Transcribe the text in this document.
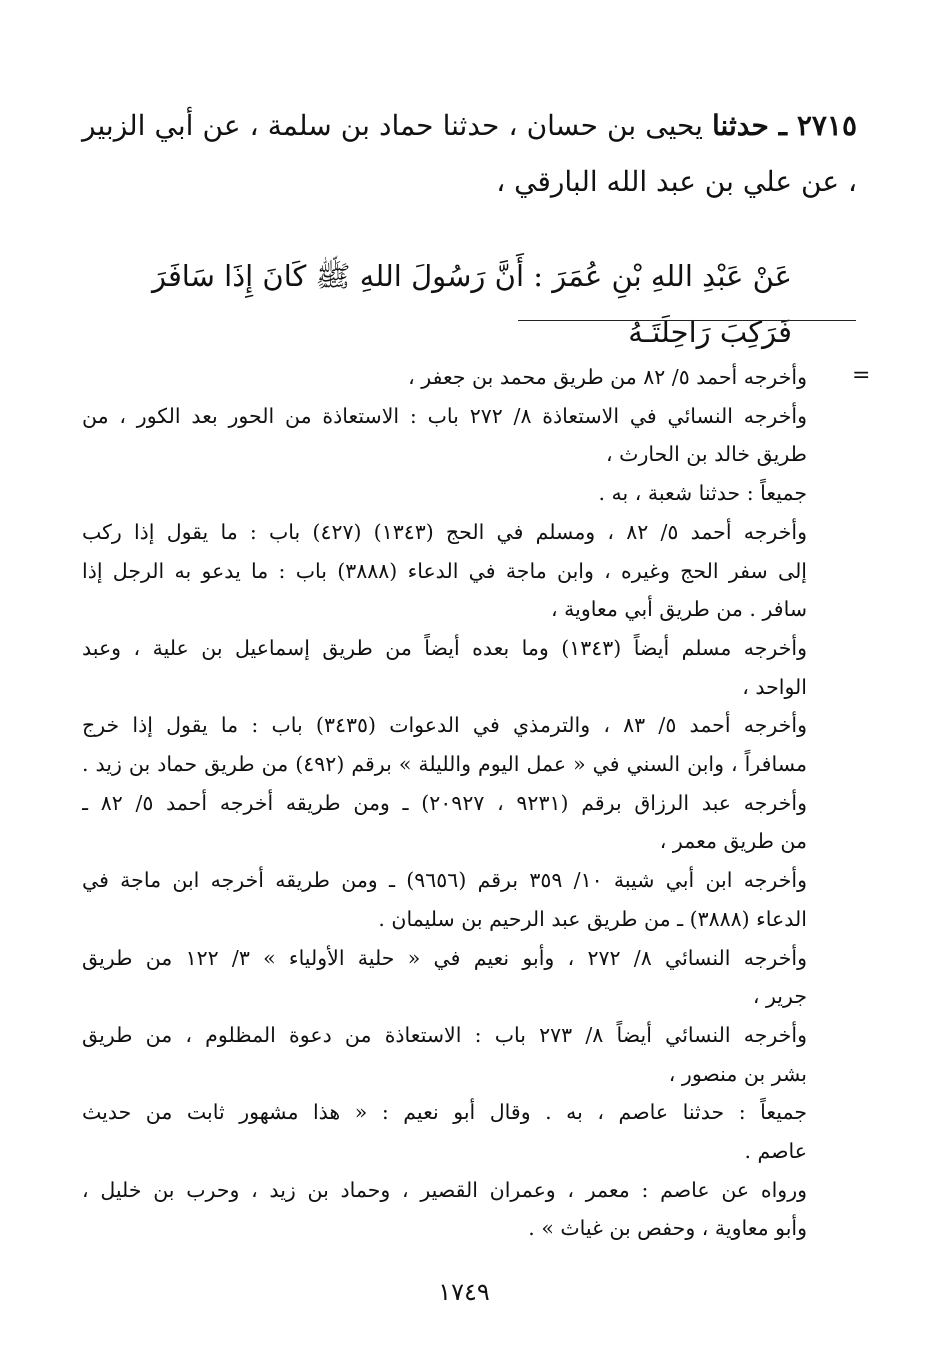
٢٧١٥ ـ حدثنا يحيى بن حسان ، حدثنا حماد بن سلمة ، عن أبي الزبير ، عن علي بن عبد الله البارقي ،
عَنْ عَبْدِ اللهِ بْنِ عُمَرَ : أَنَّ رَسُولَ اللهِ ﷺ كَانَ إِذَا سَافَرَ فَرَكِبَ رَاحِلَتَـهُ
=
وأخرجه أحمد ٥/ ٨٢ من طريق محمد بن جعفر ،
وأخرجه النسائي في الاستعاذة ٨/ ٢٧٢ باب : الاستعاذة من الحور بعد الكور ، من
طريق خالد بن الحارث ،
جميعاً : حدثنا شعبة ، به .
وأخرجه أحمد ٥/ ٨٢ ، ومسلم في الحج (١٣٤٣) (٤٢٧) باب : ما يقول إذا ركب
إلى سفر الحج وغيره ، وابن ماجة في الدعاء (٣٨٨٨) باب : ما يدعو به الرجل إذا
سافر . من طريق أبي معاوية ،
وأخرجه مسلم أيضاً (١٣٤٣) وما بعده أيضاً من طريق إسماعيل بن علية ، وعبد
الواحد ،
وأخرجه أحمد ٥/ ٨٣ ، والترمذي في الدعوات (٣٤٣٥) باب : ما يقول إذا خرج
مسافراً ، وابن السني في « عمل اليوم والليلة » برقم (٤٩٢) من طريق حماد بن زيد .
وأخرجه عبد الرزاق برقم (٩٢٣١ ، ٢٠٩٢٧) ـ ومن طريقه أخرجه أحمد ٥/ ٨٢ ـ
من طريق معمر ،
وأخرجه ابن أبي شيبة ١٠/ ٣٥٩ برقم (٩٦٥٦) ـ ومن طريقه أخرجه ابن ماجة في
الدعاء (٣٨٨٨) ـ من طريق عبد الرحيم بن سليمان .
وأخرجه النسائي ٨/ ٢٧٢ ، وأبو نعيم في « حلية الأولياء » ٣/ ١٢٢ من طريق
جرير ،
وأخرجه النسائي أيضاً ٨/ ٢٧٣ باب : الاستعاذة من دعوة المظلوم ، من طريق
بشر بن منصور ،
جميعاً : حدثنا عاصم ، به . وقال أبو نعيم : « هذا مشهور ثابت من حديث
عاصم .
ورواه عن عاصم : معمر ، وعمران القصير ، وحماد بن زيد ، وحرب بن خليل ،
وأبو معاوية ، وحفص بن غياث » .
١٧٤٩
